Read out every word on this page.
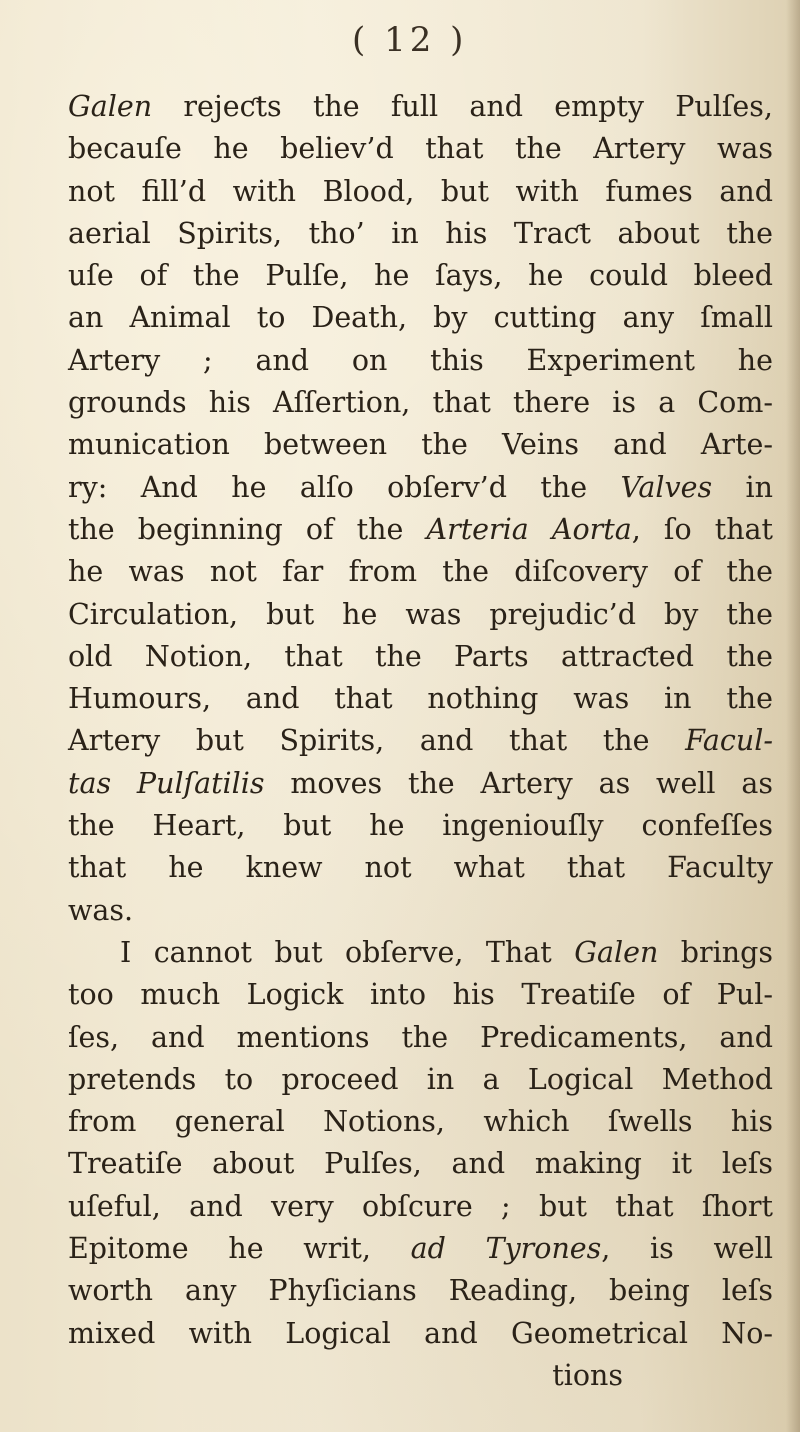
( 12 )
Galen rejeƈts the full and empty Pulſes,
becauſe he believ’d that the Artery was
not fill’d with Blood, but with fumes and
aerial Spirits, tho’ in his Traƈt about the
uſe of the Pulſe, he ſays, he could bleed
an Animal to Death, by cutting any ſmall
Artery ; and on this Experiment he
grounds his Aſſertion, that there is a Com-
munication between the Veins and Arte-
ry: And he alſo obſerv’d the Valves in
the beginning of the Arteria Aorta, ſo that
he was not far from the diſcovery of the
Circulation, but he was prejudic’d by the
old Notion, that the Parts attraƈted the
Humours, and that nothing was in the
Artery but Spirits, and that the Facul-
tas Pulſatilis moves the Artery as well as
the Heart, but he ingeniouſly confeſſes
that he knew not what that Faculty
was.
I cannot but obſerve, That Galen brings
too much Logick into his Treatiſe of Pul-
ſes, and mentions the Predicaments, and
pretends to proceed in a Logical Method
from general Notions, which ſwells his
Treatiſe about Pulſes, and making it leſs
uſeful, and very obſcure ; but that ſhort
Epitome he writ, ad Tyrones, is well
worth any Phyſicians Reading, being leſs
mixed with Logical and Geometrical No-
tions
